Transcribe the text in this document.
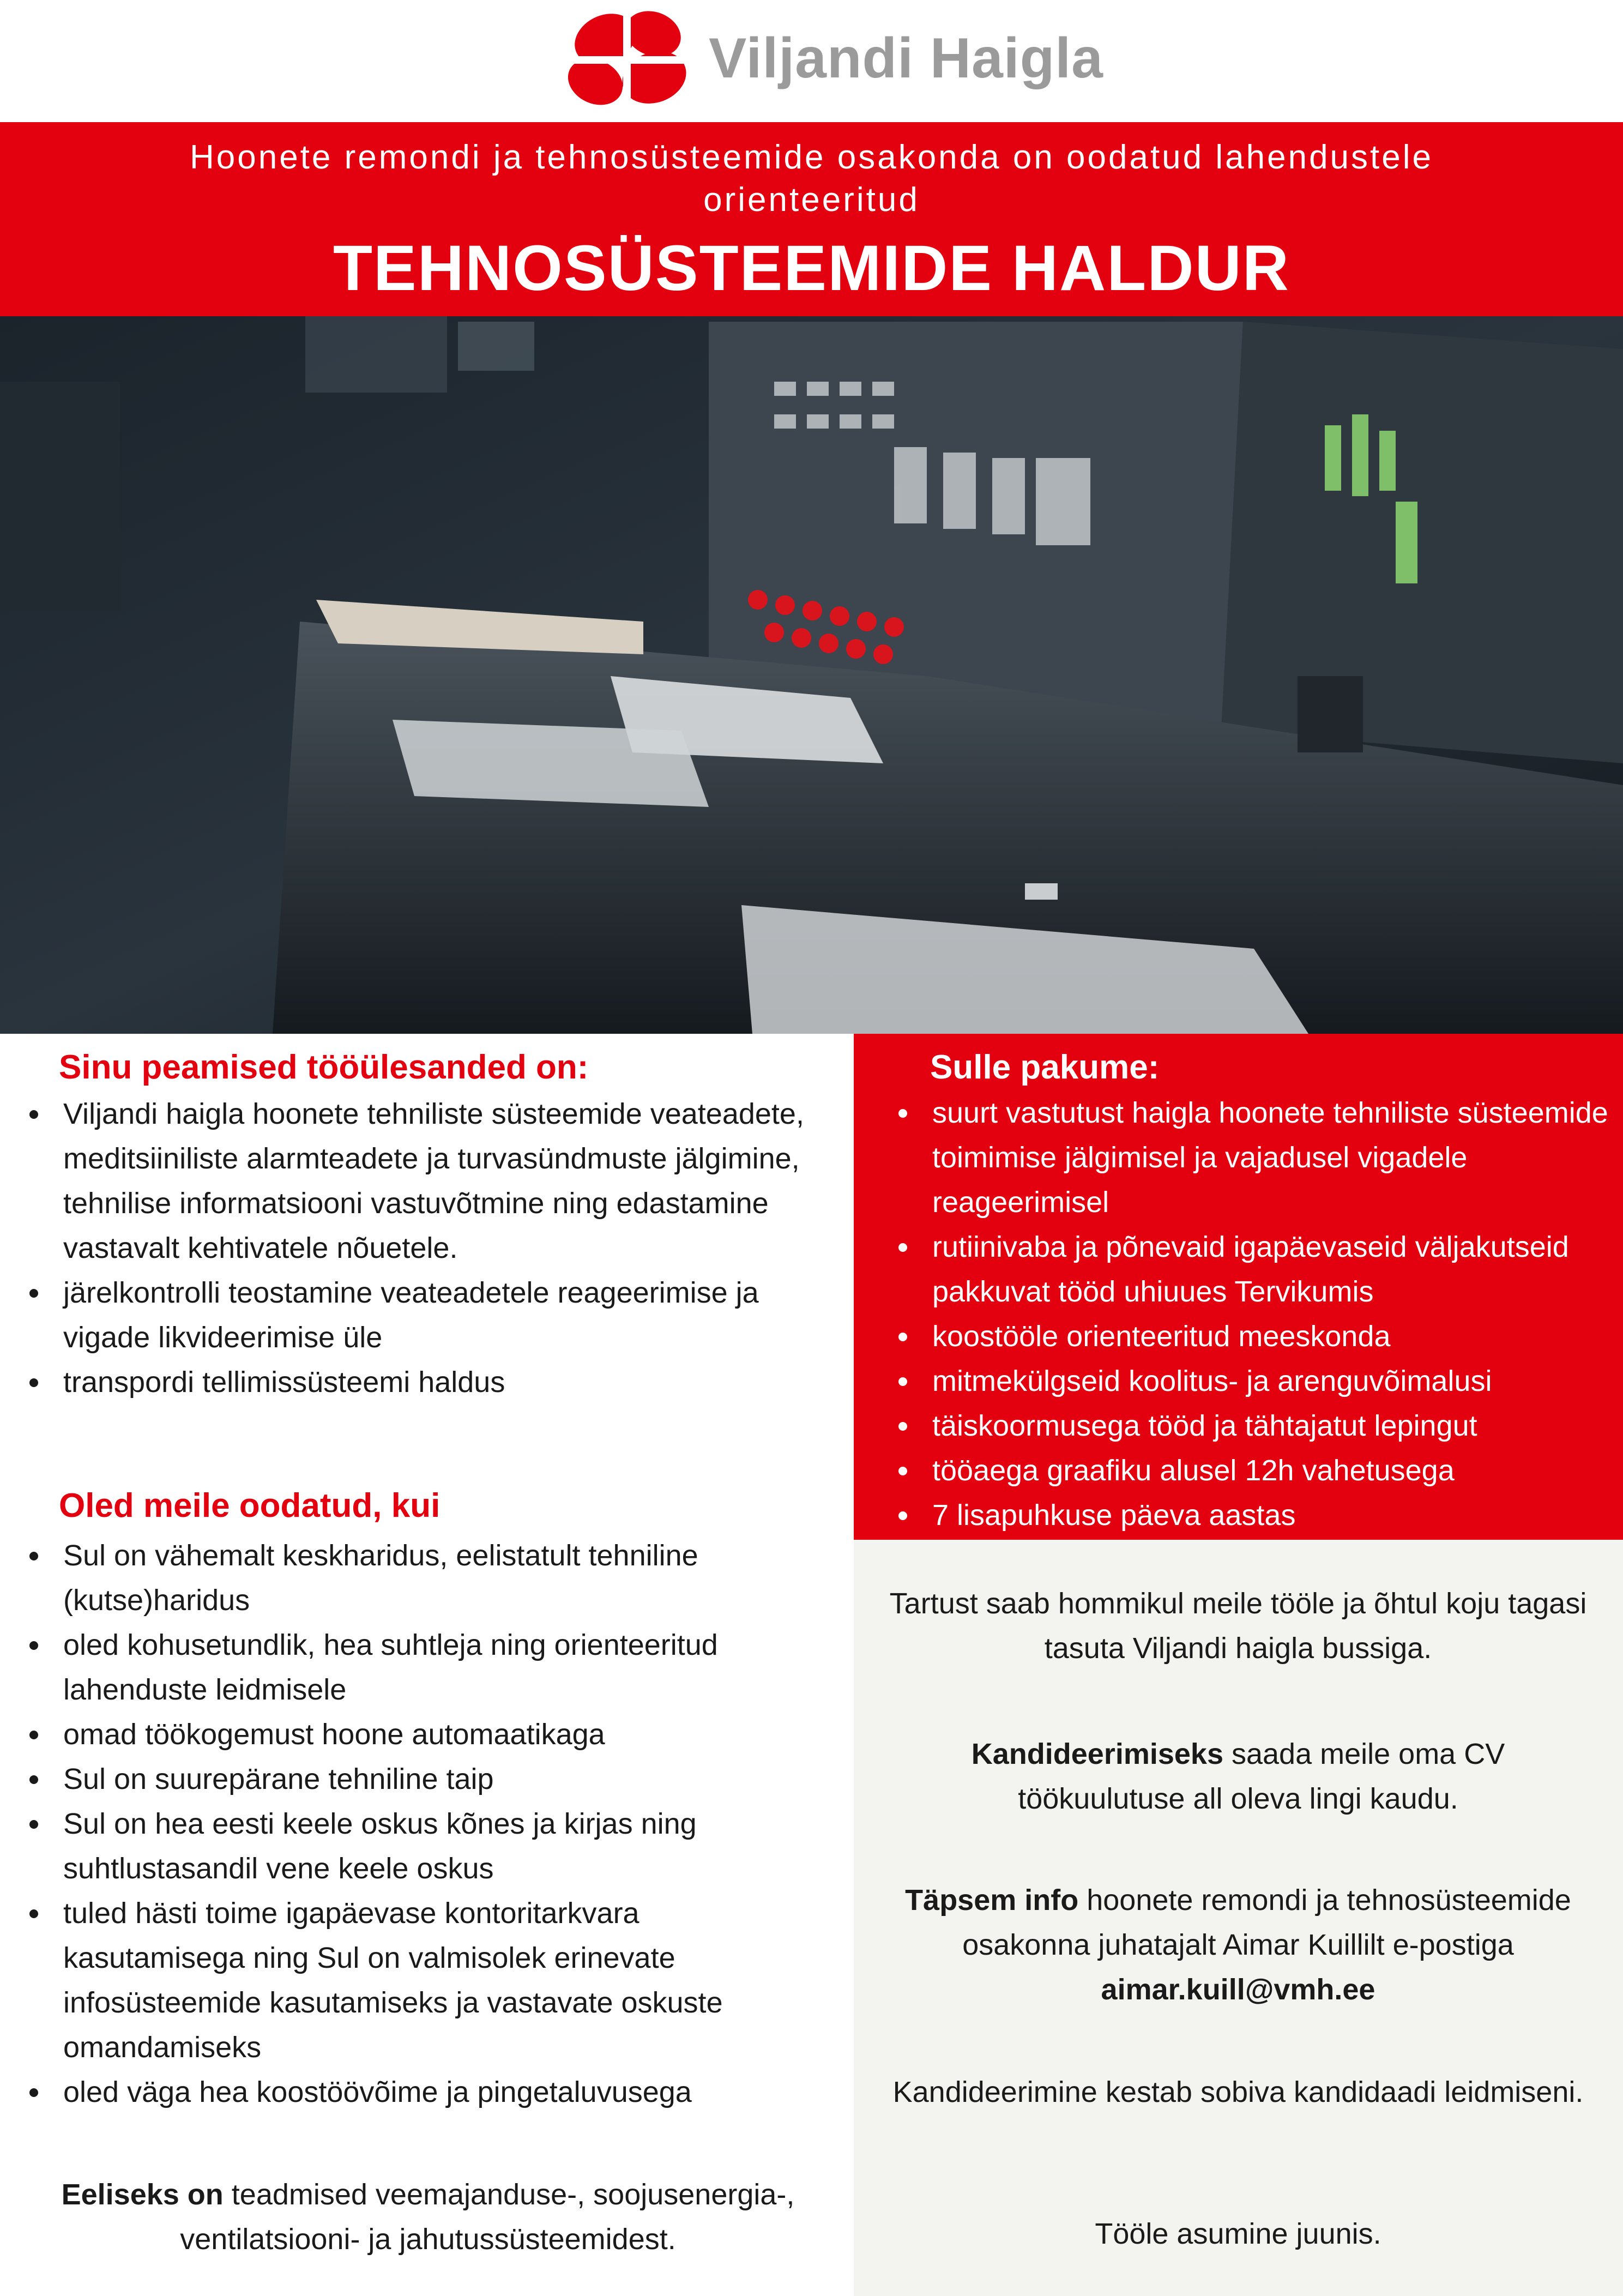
Viljandi Haigla
Hoonete remondi ja tehnosüsteemide osakonda on oodatud lahendustele orienteeritud
TEHNOSÜSTEEMIDE HALDUR
Sinu peamised tööülesanded on:
Viljandi haigla hoonete tehniliste süsteemide veateadete, meditsiiniliste alarmteadete ja turvasündmuste jälgimine, tehnilise informatsiooni vastuvõtmine ning edastamine vastavalt kehtivatele nõuetele.
järelkontrolli teostamine veateadetele reageerimise ja vigade likvideerimise üle
transpordi tellimissüsteemi haldus
Oled meile oodatud, kui
Sul on vähemalt keskharidus, eelistatult tehniline (kutse)haridus
oled kohusetundlik, hea suhtleja ning orienteeritud lahenduste leidmisele
omad töökogemust hoone automaatikaga
Sul on suurepärane tehniline taip
Sul on hea eesti keele oskus kõnes ja kirjas ning suhtlustasandil vene keele oskus
tuled hästi toime igapäevase kontoritarkvara kasutamisega ning Sul on valmisolek erinevate infosüsteemide kasutamiseks ja vastavate oskuste omandamiseks
oled väga hea koostöövõime ja pingetaluvusega
Eeliseks on teadmised veemajanduse-, soojusenergia-, ventilatsiooni- ja jahutussüsteemidest.
Sulle pakume:
suurt vastutust haigla hoonete tehniliste süsteemide toimimise jälgimisel ja vajadusel vigadele reageerimisel
rutiinivaba ja põnevaid igapäevaseid väljakutseid pakkuvat tööd uhiuues Tervikumis
koostööle orienteeritud meeskonda
mitmekülgseid koolitus- ja arenguvõimalusi
täiskoormusega tööd ja tähtajatut lepingut
tööaega graafiku alusel 12h vahetusega
7 lisapuhkuse päeva aastas
Tartust saab hommikul meile tööle ja õhtul koju tagasi tasuta Viljandi haigla bussiga.
Kandideerimiseks saada meile oma CV töökuulutuse all oleva lingi kaudu.
Täpsem info hoonete remondi ja tehnosüsteemide osakonna juhatajalt Aimar Kuillilt e-postiga aimar.kuill@vmh.ee
Kandideerimine kestab sobiva kandidaadi leidmiseni.
Tööle asumine juunis.
